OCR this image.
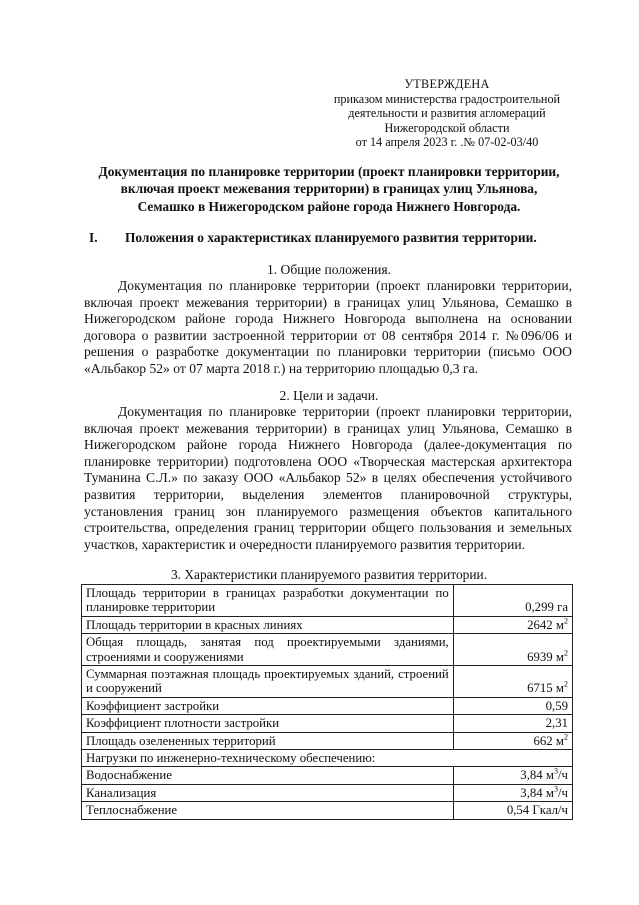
УТВЕРЖДЕНА
приказом министерства градостроительной
деятельности и развития агломераций
Нижегородской области
от 14 апреля 2023 г. .№ 07-02-03/40
Документация по планировке территории (проект планировки территории,
включая проект межевания территории) в границах улиц Ульянова,
Семашко в Нижегородском районе города Нижнего Новгорода.
I. Положения о характеристиках планируемого развития территории.
1. Общие положения.
Документация по планировке территории (проект планировки территории, включая проект межевания территории) в границах улиц Ульянова, Семашко в Нижегородском районе города Нижнего Новгорода выполнена на основании договора о развитии застроенной территории от 08 сентября 2014 г. №096/06 и решения о разработке документации по планировки территории (письмо ООО «Альбакор 52» от 07 марта 2018 г.) на территорию площадью 0,3 га.
2. Цели и задачи.
Документация по планировке территории (проект планировки территории, включая проект межевания территории) в границах улиц Ульянова, Семашко в Нижегородском районе города Нижнего Новгорода (далее-документация по планировке территории) подготовлена ООО «Творческая мастерская архитектора Туманина С.Л.» по заказу ООО «Альбакор 52» в целях обеспечения устойчивого развития территории, выделения элементов планировочной структуры, установления границ зон планируемого размещения объектов капитального строительства, определения границ территории общего пользования и земельных участков, характеристик и очередности планируемого развития территории.
3. Характеристики планируемого развития территории.
Площадь территории в границах разработки документации по планировке территории	0,299 га
Площадь территории в красных линиях	2642 $м^2$
Общая площадь, занятая под проектируемыми зданиями, строениями и сооружениями	6939 $м^2$
Суммарная поэтажная площадь проектируемых зданий, строений и сооружений	6715 $м^2$
Коэффициент застройки	0,59
Коэффициент плотности застройки	2,31
Площадь озелененных территорий	662 $м^2$
Нагрузки по инженерно-техническому обеспечению:	
Водоснабжение	3,84 $м^3/ч$
Канализация	3,84 $м^3/ч$
Теплоснабжение	0,54 Гкал/ч
